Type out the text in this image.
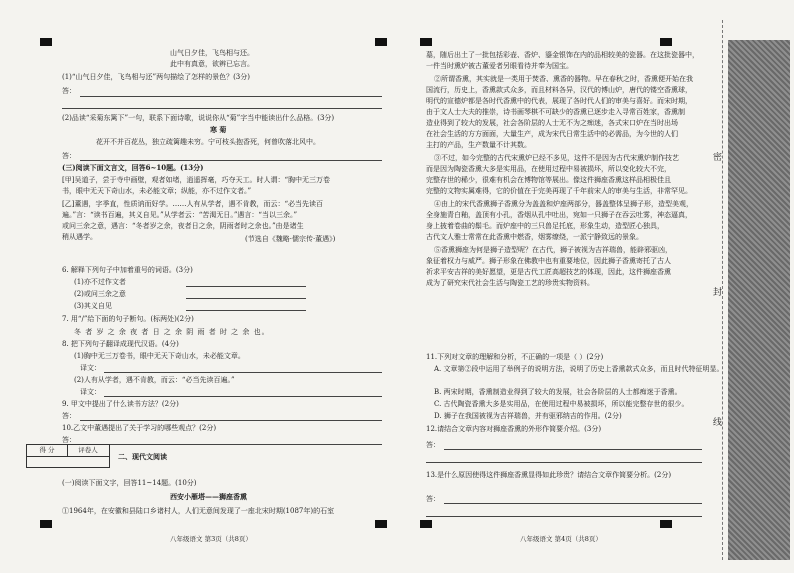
山气日夕佳，飞鸟相与还。
此中有真意，欲辨已忘言。
(1)“山气日夕佳，飞鸟相与还”两句描绘了怎样的景色？(3分)
答：
(2)品读“采菊东篱下”一句，联系下面诗歌，说说你从“菊”字当中能读出什么品格。(3分)
寒 菊
花开不并百花丛，独立疏篱趣未穷。宁可枝头抱香死，何曾吹落北风中。
答：
(三)阅读下面文言文，回答6~10题。(13分)
[甲]吴道子，尝于寺中画壁，观者如堵，逍遥挥毫，巧夺天工。时人谓：“胸中无三万卷
书，眼中无天下奇山水，未必能文章；纵能，亦不过作文者。”
[乙]董遇，字季直，性质讷而好学。……人有从学者，遇不肯教，而云：“必当先读百
遍。”言：“读书百遍，其义自见。”从学者云：“苦渴无日。”遇言：“当以三余。”
或问三余之意，遇言：“冬者岁之余，夜者日之余，阴雨者时之余也。”由是诸生
稍从遇学。	(节选自《魏略·儒宗传·董遇》)
6. 解释下列句子中加着重号的词语。(3分)
(1)亦不过作文者
(2)或问三余之意
(3)其义自见
7. 用“/”给下面的句子断句。(标两处)(2分)
冬 者 岁 之 余 夜 者 日 之 余 阴 雨 者 时 之 余 也。
8. 把下列句子翻译成现代汉语。(4分)
(1)胸中无三万卷书，眼中无天下奇山水，未必能文章。
译文：
(2)人有从学者，遇不肯教，而云：“必当先读百遍。”
译文：
9. 甲文中提出了什么读书方法？(2分)
答：
10.乙文中董遇提出了关于学习的哪些观点？(2分)
答：
得 分	评卷人
二、现代文阅读
(一)阅读下面文字，回答11~14题。(10分)
西安小雁塔——狮座香熏
①1964年，在安徽和县陆口乡诸村人，人们无意间发现了一座北宋时期(1087年)的石室
八年级语文 第3页（共8页）
墓，随后出土了一批包括彩壶、香炉、鎏金银饰在内的品相较美的瓷器。在这批瓷器中，
一件当时熏炉被古董爱者另眼看待并奉为国宝。
②所谓香熏，其实就是一类用于焚香、熏香的器物。早在春秋之时，香熏便开始在我
国流行，历史上，香熏款式众多，而且材料各异，汉代的博山炉，唐代的镂空香熏球，
明代的宣德炉都是各时代香熏中的代表，展现了各时代人们的审美与喜好。而宋时期，
由于文人士大夫的推崇，诗书画琴棋不可缺少的香熏已逐步走入寻常百姓家，香熏制
造业得到了较大的发展，社会各阶层的人士无不为之痴迷，各式宋口炉在当时出场
在社会生活的方方面面，大量生产，成为宋代日常生活中的必需品，为今世的人们
主打的产品，生产数量不计其数。
③不过，如今完整的古代宋熏炉已经不多见，这件不是因为古代宋熏炉制作技艺
而是因为陶瓷香熏大多是实用品，在使用过程中易被损坏，所以变化较大不完，
完整存世的稀少，很难有机会在博物馆等展出。像这件狮座香熏这样品相极佳且
完整的文物实属难得，它的价值在于完美再现了千年前宋人的审美与生活，非常罕见。
④由上的宋代香熏狮子香熏分为盖盖和炉座两部分，器盖整体呈狮子形，造型美观，
全身施青白釉，盖顶有小孔，香烟从孔中吐出，宛如一只狮子在吞云吐雾，神态逼真，
身上披着卷曲的鬃毛。而炉座中的三只兽足托底，形象生动，造型匠心独具，
古代文人雅士常常在此香熏中燃香，烟雾缭绕，一派宁静致远的景象。
⑤香熏狮座为何是狮子造型呢？在古代，狮子被视为吉祥瑞兽，能辟邪驱凶，
象征着权力与威严。狮子形象在佛教中也有重要地位，因此狮子香熏寄托了古人
祈求平安吉祥的美好愿望，更是古代工匠高超技艺的体现，因此，这件狮座香熏
成为了研究宋代社会生活与陶瓷工艺的珍贵实物资料。
11.下列对文章的理解和分析，不正确的一项是（ ）(2分)
A. 文章第②段中运用了举例子的说明方法，说明了历史上香熏款式众多，而且时代特征明显。
B. 两宋时期，香熏制造业得到了较大的发展，社会各阶层的人士都痴迷于香熏。
C. 古代陶瓷香熏大多是实用品，在使用过程中易被损坏，所以能完整存世的很少。
D. 狮子在我国被视为吉祥瑞兽，并有驱邪纳吉的作用。(2分)
12.请结合文章内容对狮座香熏的外形作简要介绍。(3分)
答：
13.是什么原因使得这件狮座香熏显得如此珍贵？请结合文章作简要分析。(2分)
答：
八年级语文 第4页（共8页）
密
封
线
